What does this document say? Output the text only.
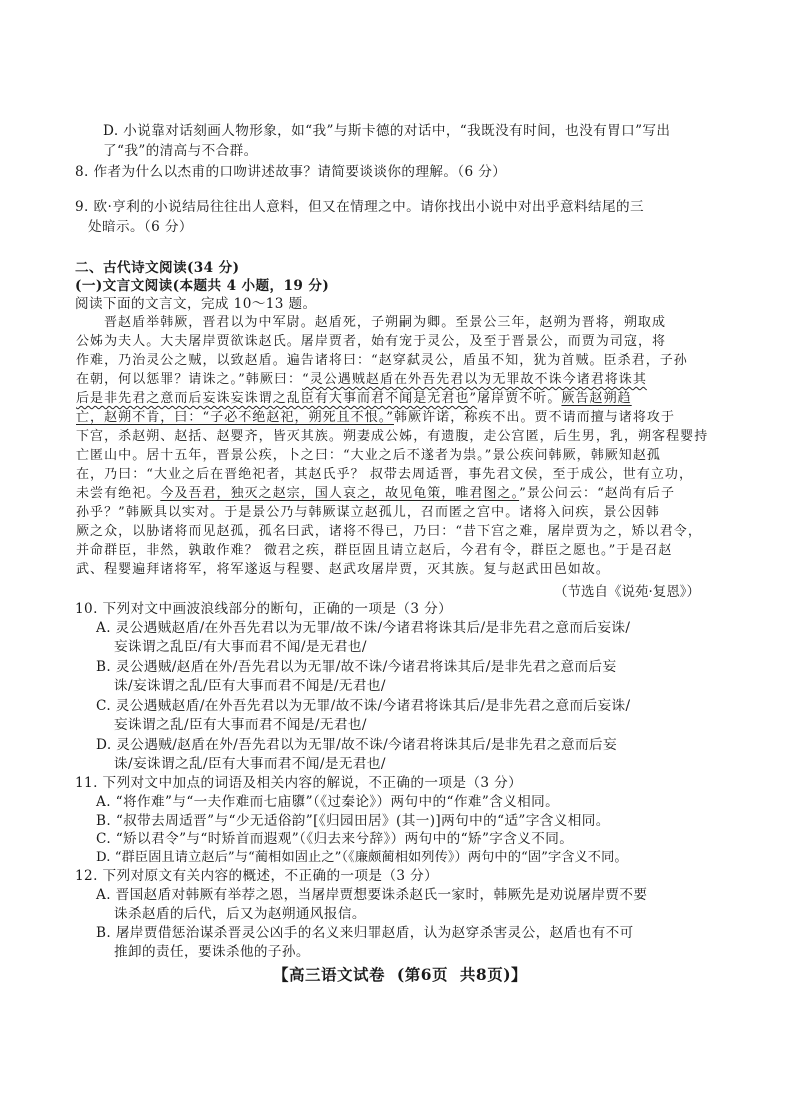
D. 小说靠对话刻画人物形象，如“我”与斯卡德的对话中，“我既没有时间，也没有胃口”写出
了“我”的清高与不合群。
8. 作者为什么以杰甫的口吻讲述故事？请简要谈谈你的理解。（6 分）
9. 欧·亨利的小说结局往往出人意料，但又在情理之中。请你找出小说中对出乎意料结尾的三
处暗示。（6 分）
二、古代诗文阅读(34 分)
(一)文言文阅读(本题共 4 小题，19 分)
阅读下面的文言文，完成 10～13 题。
晋赵盾举韩厥，晋君以为中军尉。赵盾死，子朔嗣为卿。至景公三年，赵朔为晋将，朔取成
公姊为夫人。大夫屠岸贾欲诛赵氏。屠岸贾者，始有宠于灵公，及至于晋景公，而贾为司寇，将
作难，乃治灵公之贼，以致赵盾。遍告诸将曰：“赵穿弑灵公，盾虽不知，犹为首贼。臣杀君，子孙
在朝，何以惩罪？请诛之。”韩厥曰：“灵公遇贼赵盾在外吾先君以为无罪故不诛今诸君将诛其
后是非先君之意而后妄诛妄诛谓之乱臣有大事而君不闻是无君也”屠岸贾不听。厥告赵朔趋
亡，赵朔不肯，曰：“子必不绝赵祀，朔死且不恨。”韩厥许诺，称疾不出。贾不请而擅与诸将攻于
下宫，杀赵朔、赵括、赵婴齐，皆灭其族。朔妻成公姊，有遗腹，走公宫匿，后生男，乳，朔客程婴持
亡匿山中。居十五年，晋景公疾，卜之曰：“大业之后不遂者为祟。”景公疾问韩厥，韩厥知赵孤
在，乃曰：“大业之后在晋绝祀者，其赵氏乎？ 叔带去周适晋，事先君文侯，至于成公，世有立功，
未尝有绝祀。今及吾君，独灭之赵宗，国人哀之，故见龟策，唯君图之。”景公问云：“赵尚有后子
孙乎？”韩厥具以实对。于是景公乃与韩厥谋立赵孤儿，召而匿之宫中。诸将入问疾，景公因韩
厥之众，以胁诸将而见赵孤，孤名曰武，诸将不得已，乃曰：“昔下宫之难，屠岸贾为之，矫以君令，
并命群臣，非然，孰敢作难？ 微君之疾，群臣固且请立赵后，今君有令，群臣之愿也。”于是召赵
武、程婴遍拜诸将军，将军遂返与程婴、赵武攻屠岸贾，灭其族。复与赵武田邑如故。
（节选自《说苑·复恩》）
10. 下列对文中画波浪线部分的断句，正确的一项是（3 分）
A. 灵公遇贼赵盾/在外吾先君以为无罪/故不诛/今诸君将诛其后/是非先君之意而后妄诛/
妄诛谓之乱臣/有大事而君不闻/是无君也/
B. 灵公遇贼/赵盾在外/吾先君以为无罪/故不诛/今诸君将诛其后/是非先君之意而后妄
诛/妄诛谓之乱/臣有大事而君不闻是/无君也/
C. 灵公遇贼赵盾/在外吾先君以为无罪/故不诛/今诸君将诛其后/是非先君之意而后妄诛/
妄诛谓之乱/臣有大事而君不闻是/无君也/
D. 灵公遇贼/赵盾在外/吾先君以为无罪/故不诛/今诸君将诛其后/是非先君之意而后妄
诛/妄诛谓之乱/臣有大事而君不闻/是无君也/
11. 下列对文中加点的词语及相关内容的解说，不正确的一项是（3 分）
A. “将作难”与“一夫作难而七庙隳”（《过秦论》）两句中的“作难”含义相同。
B. “叔带去周适晋”与“少无适俗韵”[《归园田居》(其一)]两句中的“适”字含义相同。
C. “矫以君令”与“时矫首而遐观”（《归去来兮辞》）两句中的“矫”字含义不同。
D. “群臣固且请立赵后”与“蔺相如固止之”（《廉颇蔺相如列传》）两句中的“固”字含义不同。
12. 下列对原文有关内容的概述，不正确的一项是（3 分）
A. 晋国赵盾对韩厥有举荐之恩，当屠岸贾想要诛杀赵氏一家时，韩厥先是劝说屠岸贾不要
诛杀赵盾的后代，后又为赵朔通风报信。
B. 屠岸贾借惩治谋杀晋灵公凶手的名义来归罪赵盾，认为赵穿杀害灵公，赵盾也有不可
推卸的责任，要诛杀他的子孙。
【高三语文试卷 (第6页 共8页)】
